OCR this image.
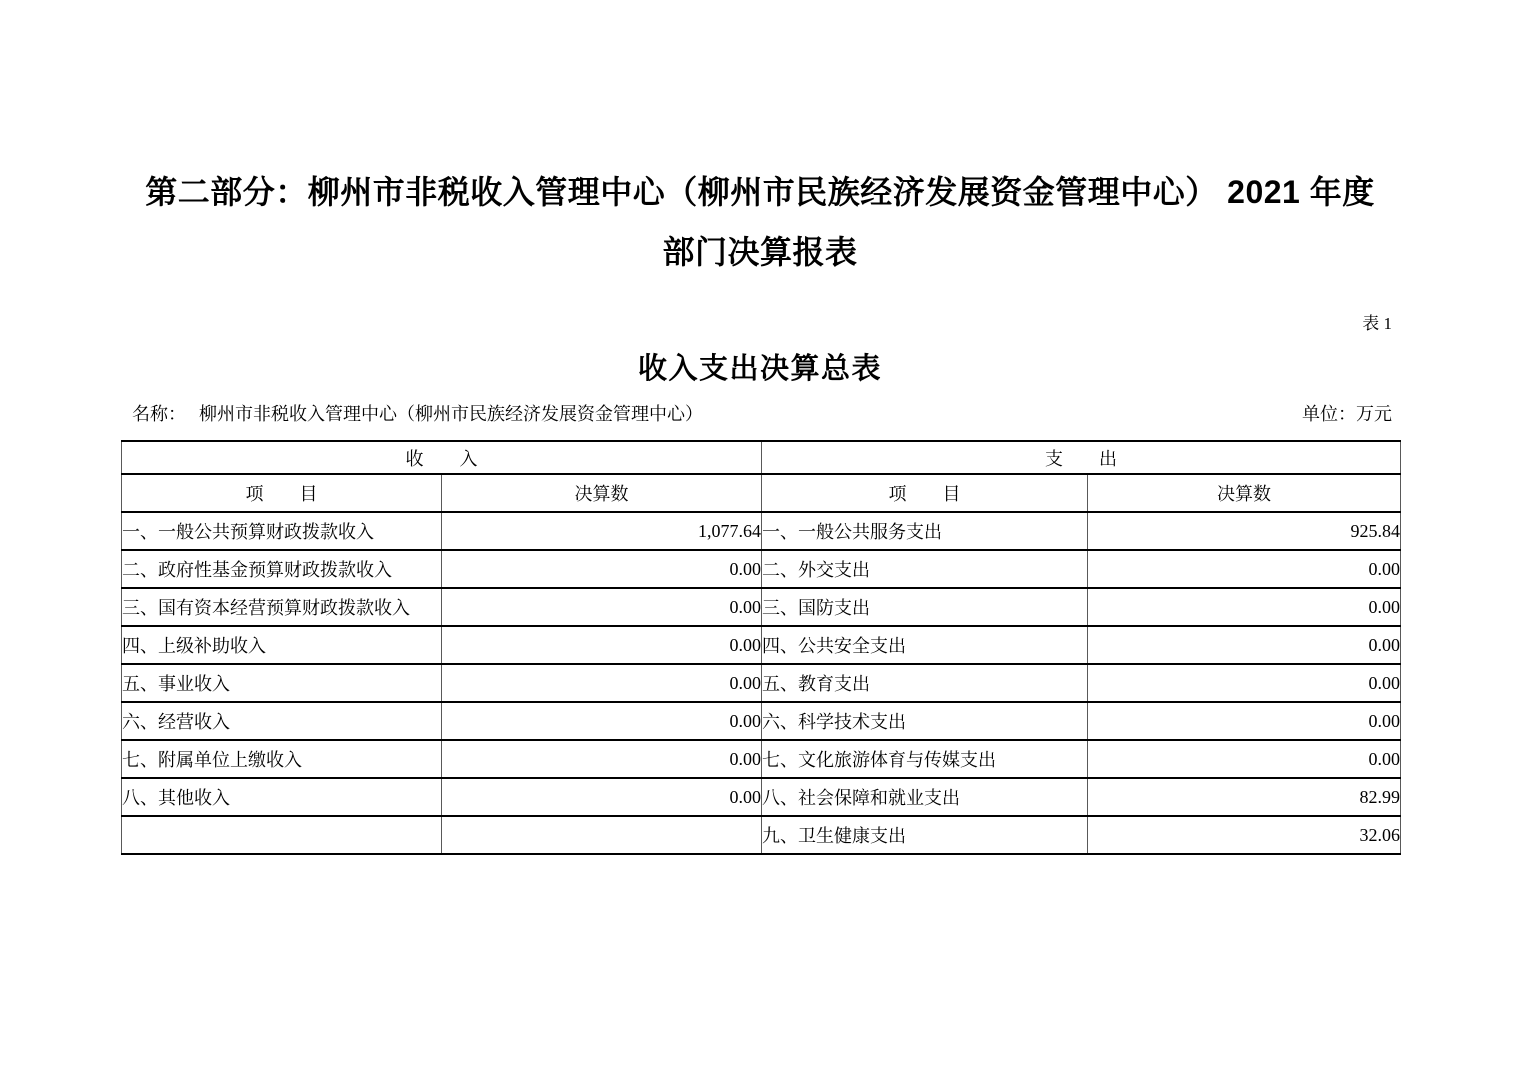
第二部分：柳州市非税收入管理中心（柳州市民族经济发展资金管理中心） 2021 年度
部门决算报表
表 1
收入支出决算总表
名称： 柳州市非税收入管理中心（柳州市民族经济发展资金管理中心）	单位：万元
收　　入		支　　出	
项　　目	决算数	项　　目	决算数
一、一般公共预算财政拨款收入	1,077.64	一、一般公共服务支出	925.84
二、政府性基金预算财政拨款收入	0.00	二、外交支出	0.00
三、国有资本经营预算财政拨款收入	0.00	三、国防支出	0.00
四、上级补助收入	0.00	四、公共安全支出	0.00
五、事业收入	0.00	五、教育支出	0.00
六、经营收入	0.00	六、科学技术支出	0.00
七、附属单位上缴收入	0.00	七、文化旅游体育与传媒支出	0.00
八、其他收入	0.00	八、社会保障和就业支出	82.99
		九、卫生健康支出	32.06
